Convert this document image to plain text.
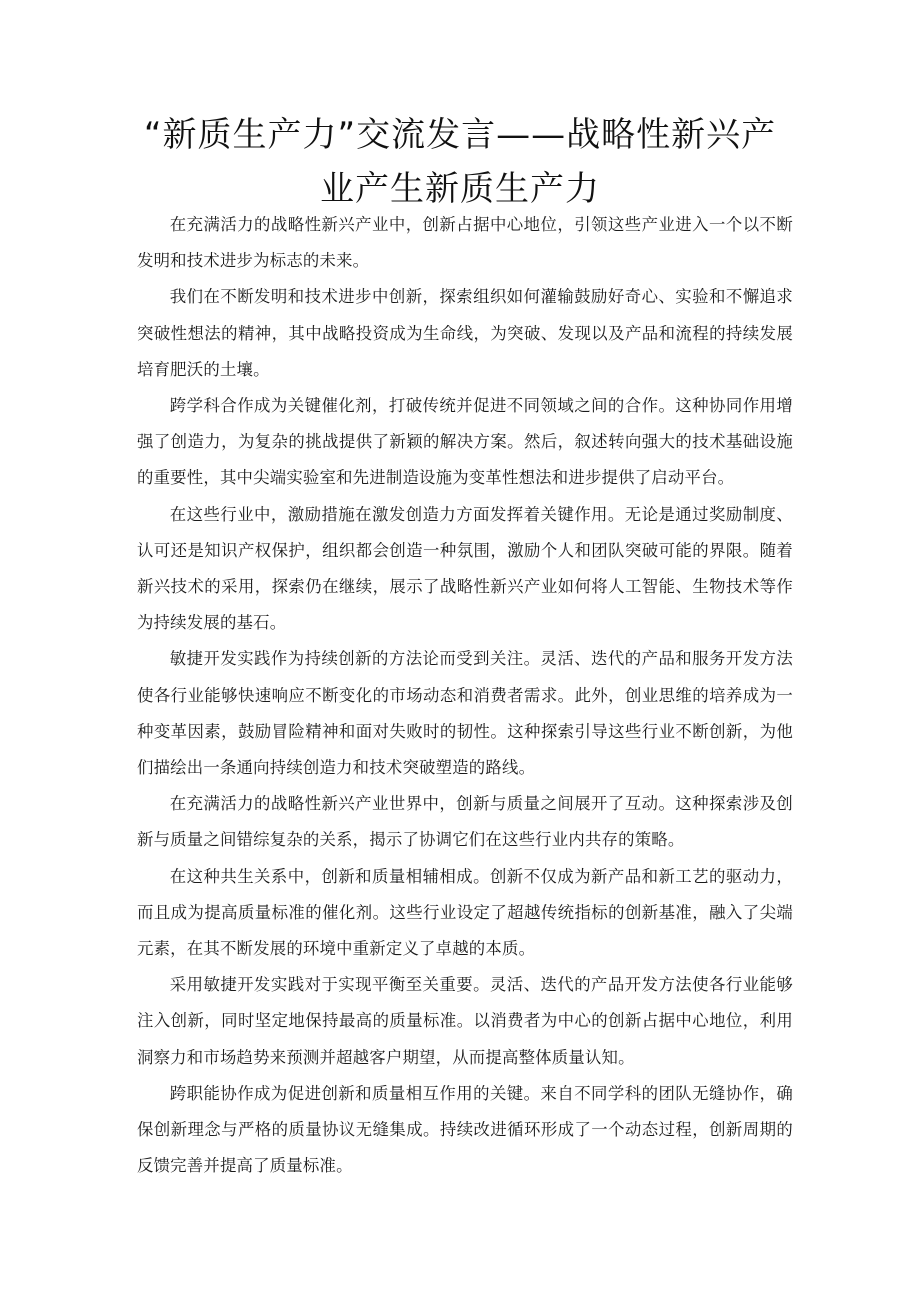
“新质生产力”交流发言——战略性新兴产
业产生新质生产力

在充满活力的战略性新兴产业中，创新占据中心地位，引领这些产业进入一个以不断发明和技术进步为标志的未来。

我们在不断发明和技术进步中创新，探索组织如何灌输鼓励好奇心、实验和不懈追求突破性想法的精神，其中战略投资成为生命线，为突破、发现以及产品和流程的持续发展培育肥沃的土壤。

跨学科合作成为关键催化剂，打破传统并促进不同领域之间的合作。这种协同作用增强了创造力，为复杂的挑战提供了新颖的解决方案。然后，叙述转向强大的技术基础设施的重要性，其中尖端实验室和先进制造设施为变革性想法和进步提供了启动平台。

在这些行业中，激励措施在激发创造力方面发挥着关键作用。无论是通过奖励制度、认可还是知识产权保护，组织都会创造一种氛围，激励个人和团队突破可能的界限。随着新兴技术的采用，探索仍在继续，展示了战略性新兴产业如何将人工智能、生物技术等作为持续发展的基石。

敏捷开发实践作为持续创新的方法论而受到关注。灵活、迭代的产品和服务开发方法使各行业能够快速响应不断变化的市场动态和消费者需求。此外，创业思维的培养成为一种变革因素，鼓励冒险精神和面对失败时的韧性。这种探索引导这些行业不断创新，为他们描绘出一条通向持续创造力和技术突破塑造的路线。

在充满活力的战略性新兴产业世界中，创新与质量之间展开了互动。这种探索涉及创新与质量之间错综复杂的关系，揭示了协调它们在这些行业内共存的策略。

在这种共生关系中，创新和质量相辅相成。创新不仅成为新产品和新工艺的驱动力，而且成为提高质量标准的催化剂。这些行业设定了超越传统指标的创新基准，融入了尖端元素，在其不断发展的环境中重新定义了卓越的本质。

采用敏捷开发实践对于实现平衡至关重要。灵活、迭代的产品开发方法使各行业能够注入创新，同时坚定地保持最高的质量标准。以消费者为中心的创新占据中心地位，利用洞察力和市场趋势来预测并超越客户期望，从而提高整体质量认知。

跨职能协作成为促进创新和质量相互作用的关键。来自不同学科的团队无缝协作，确保创新理念与严格的质量协议无缝集成。持续改进循环形成了一个动态过程，创新周期的反馈完善并提高了质量标准。
